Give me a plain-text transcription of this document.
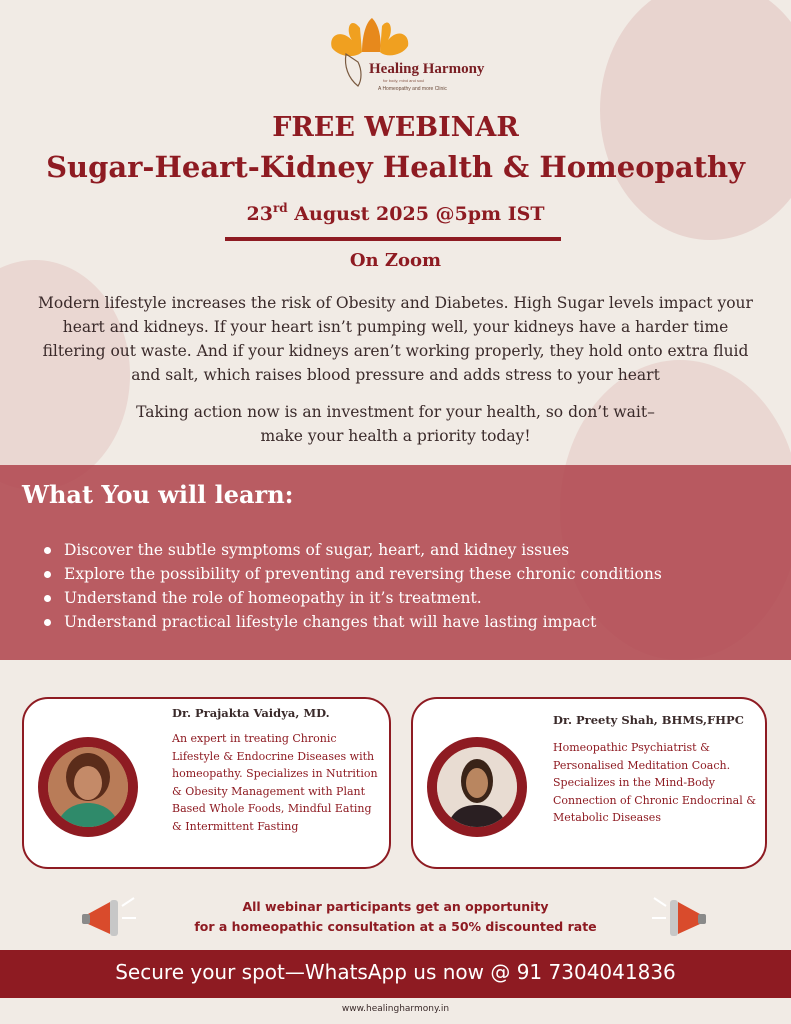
Healing Harmony
for body, mind and soul
A Homeopathy and more Clinic
FREE WEBINAR
Sugar-Heart-Kidney Health & Homeopathy
23rd August 2025 @5pm IST
On Zoom
Modern lifestyle increases the risk of Obesity and Diabetes. High Sugar levels impact your heart and kidneys. If your heart isn’t pumping well, your kidneys have a harder time filtering out waste. And if your kidneys aren’t working properly, they hold onto extra fluid and salt, which raises blood pressure and adds stress to your heart
Taking action now is an investment for your health, so don’t wait–
make your health a priority today!
What You will learn:
Discover the subtle symptoms of sugar, heart, and kidney issues
Explore the possibility of preventing and reversing these chronic conditions
Understand the role of homeopathy in it’s treatment.
Understand practical lifestyle changes that will have lasting impact
Dr. Prajakta Vaidya, MD.
An expert in treating Chronic Lifestyle & Endocrine Diseases with homeopathy. Specializes in Nutrition & Obesity Management with Plant Based Whole Foods, Mindful Eating & Intermittent Fasting
Dr. Preety Shah, BHMS,FHPC
Homeopathic Psychiatrist & Personalised Meditation Coach. Specializes in the Mind-Body Connection of Chronic Endocrinal & Metabolic Diseases
All webinar participants get an opportunity
for a homeopathic consultation at a 50% discounted rate
Secure your spot—WhatsApp us now @ 91 7304041836
www.healingharmony.in
